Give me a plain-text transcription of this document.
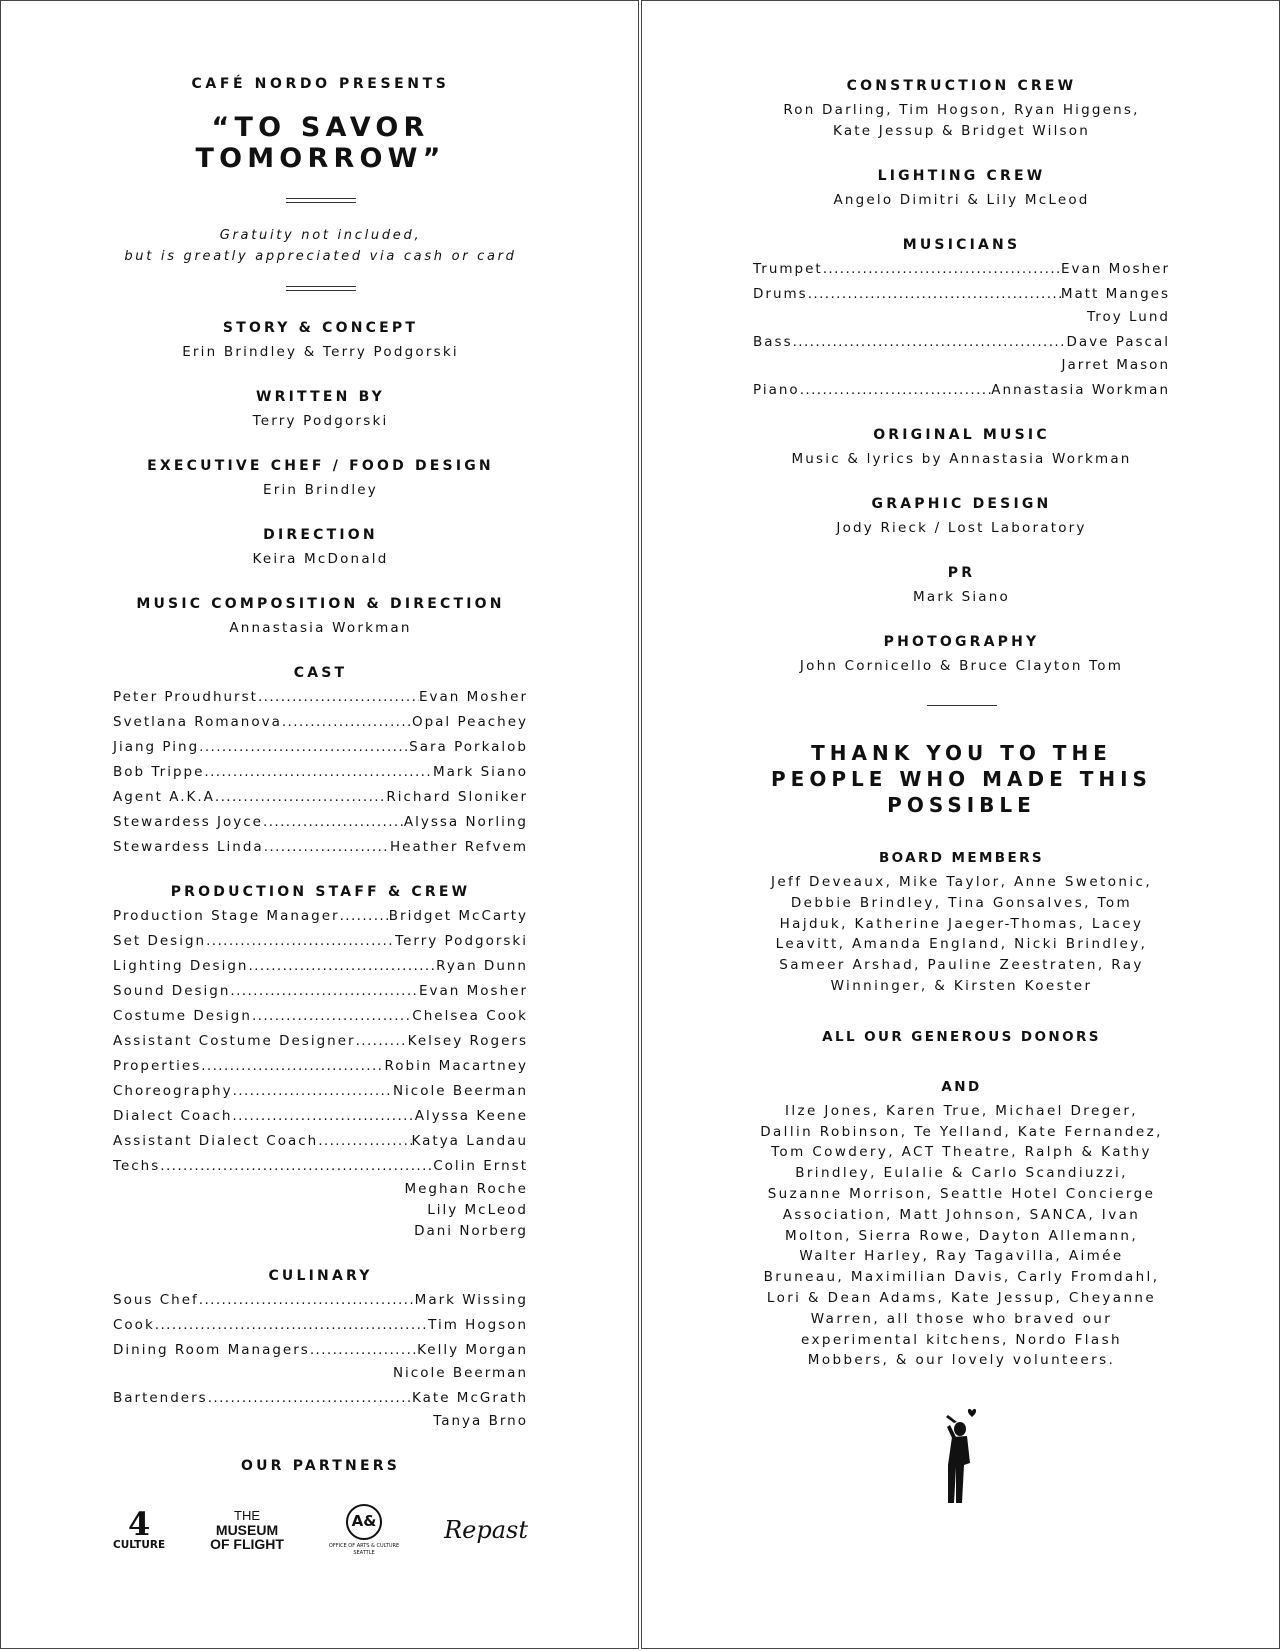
CAFÉ NORDO PRESENTS

“TO SAVOR TOMORROW”

Gratuity not included,
but is greatly appreciated via cash or card

STORY & CONCEPT

Erin Brindley & Terry Podgorski

WRITTEN BY

Terry Podgorski

EXECUTIVE CHEF / FOOD DESIGN

Erin Brindley

DIRECTION

Keira McDonald

MUSIC COMPOSITION & DIRECTION

Annastasia Workman

CAST

Peter Proudhurst .....	Evan Mosher
Svetlana Romanova .....	Opal Peachey
Jiang Ping .....	Sara Porkalob
Bob Trippe .....	Mark Siano
Agent A.K.A .....	Richard Sloniker
Stewardess Joyce .....	Alyssa Norling
Stewardess Linda .....	Heather Refvem

PRODUCTION STAFF & CREW

Production Stage Manager .....	Bridget McCarty
Set Design .....	Terry Podgorski
Lighting Design .....	Ryan Dunn
Sound Design .....	Evan Mosher
Costume Design .....	Chelsea Cook
Assistant Costume Designer .....	Kelsey Rogers
Properties .....	Robin Macartney
Choreography .....	Nicole Beerman
Dialect Coach .....	Alyssa Keene
Assistant Dialect Coach .....	Katya Landau
Techs .....	Colin Ernst
Meghan Roche
Lily McLeod
Dani Norberg

CULINARY

Sous Chef .....	Mark Wissing
Cook .....	Tim Hogson
Dining Room Managers .....	Kelly Morgan
Nicole Beerman
Bartenders .....	Kate McGrath
Tanya Brno

OUR PARTNERS

4
CULTURE
THE
MUSEUM
OF FLIGHT
A&
OFFICE OF ARTS & CULTURE
SEATTLE
Repast

CONSTRUCTION CREW

Ron Darling, Tim Hogson, Ryan Higgens,

Kate Jessup & Bridget Wilson

LIGHTING CREW

Angelo Dimitri & Lily McLeod

MUSICIANS

Trumpet .....	Evan Mosher
Drums .....	Matt Manges
Troy Lund
Bass .....	Dave Pascal
Jarret Mason
Piano .....	Annastasia Workman

ORIGINAL MUSIC

Music & lyrics by Annastasia Workman

GRAPHIC DESIGN

Jody Rieck / Lost Laboratory

PR

Mark Siano

PHOTOGRAPHY

John Cornicello & Bruce Clayton Tom

THANK YOU TO THE

PEOPLE WHO MADE THIS

POSSIBLE

BOARD MEMBERS

Jeff Deveaux, Mike Taylor, Anne Swetonic,
Debbie Brindley, Tina Gonsalves, Tom
Hajduk, Katherine Jaeger-Thomas, Lacey
Leavitt, Amanda England, Nicki Brindley,
Sameer Arshad, Pauline Zeestraten, Ray
Winninger, & Kirsten Koester

ALL OUR GENEROUS DONORS

AND

Ilze Jones, Karen True, Michael Dreger,
Dallin Robinson, Te Yelland, Kate Fernandez,
Tom Cowdery, ACT Theatre, Ralph & Kathy
Brindley, Eulalie & Carlo Scandiuzzi,
Suzanne Morrison, Seattle Hotel Concierge
Association, Matt Johnson, SANCA, Ivan
Molton, Sierra Rowe, Dayton Allemann,
Walter Harley, Ray Tagavilla, Aimée
Bruneau, Maximilian Davis, Carly Fromdahl,
Lori & Dean Adams, Kate Jessup, Cheyanne
Warren, all those who braved our
experimental kitchens, Nordo Flash
Mobbers, & our lovely volunteers.
